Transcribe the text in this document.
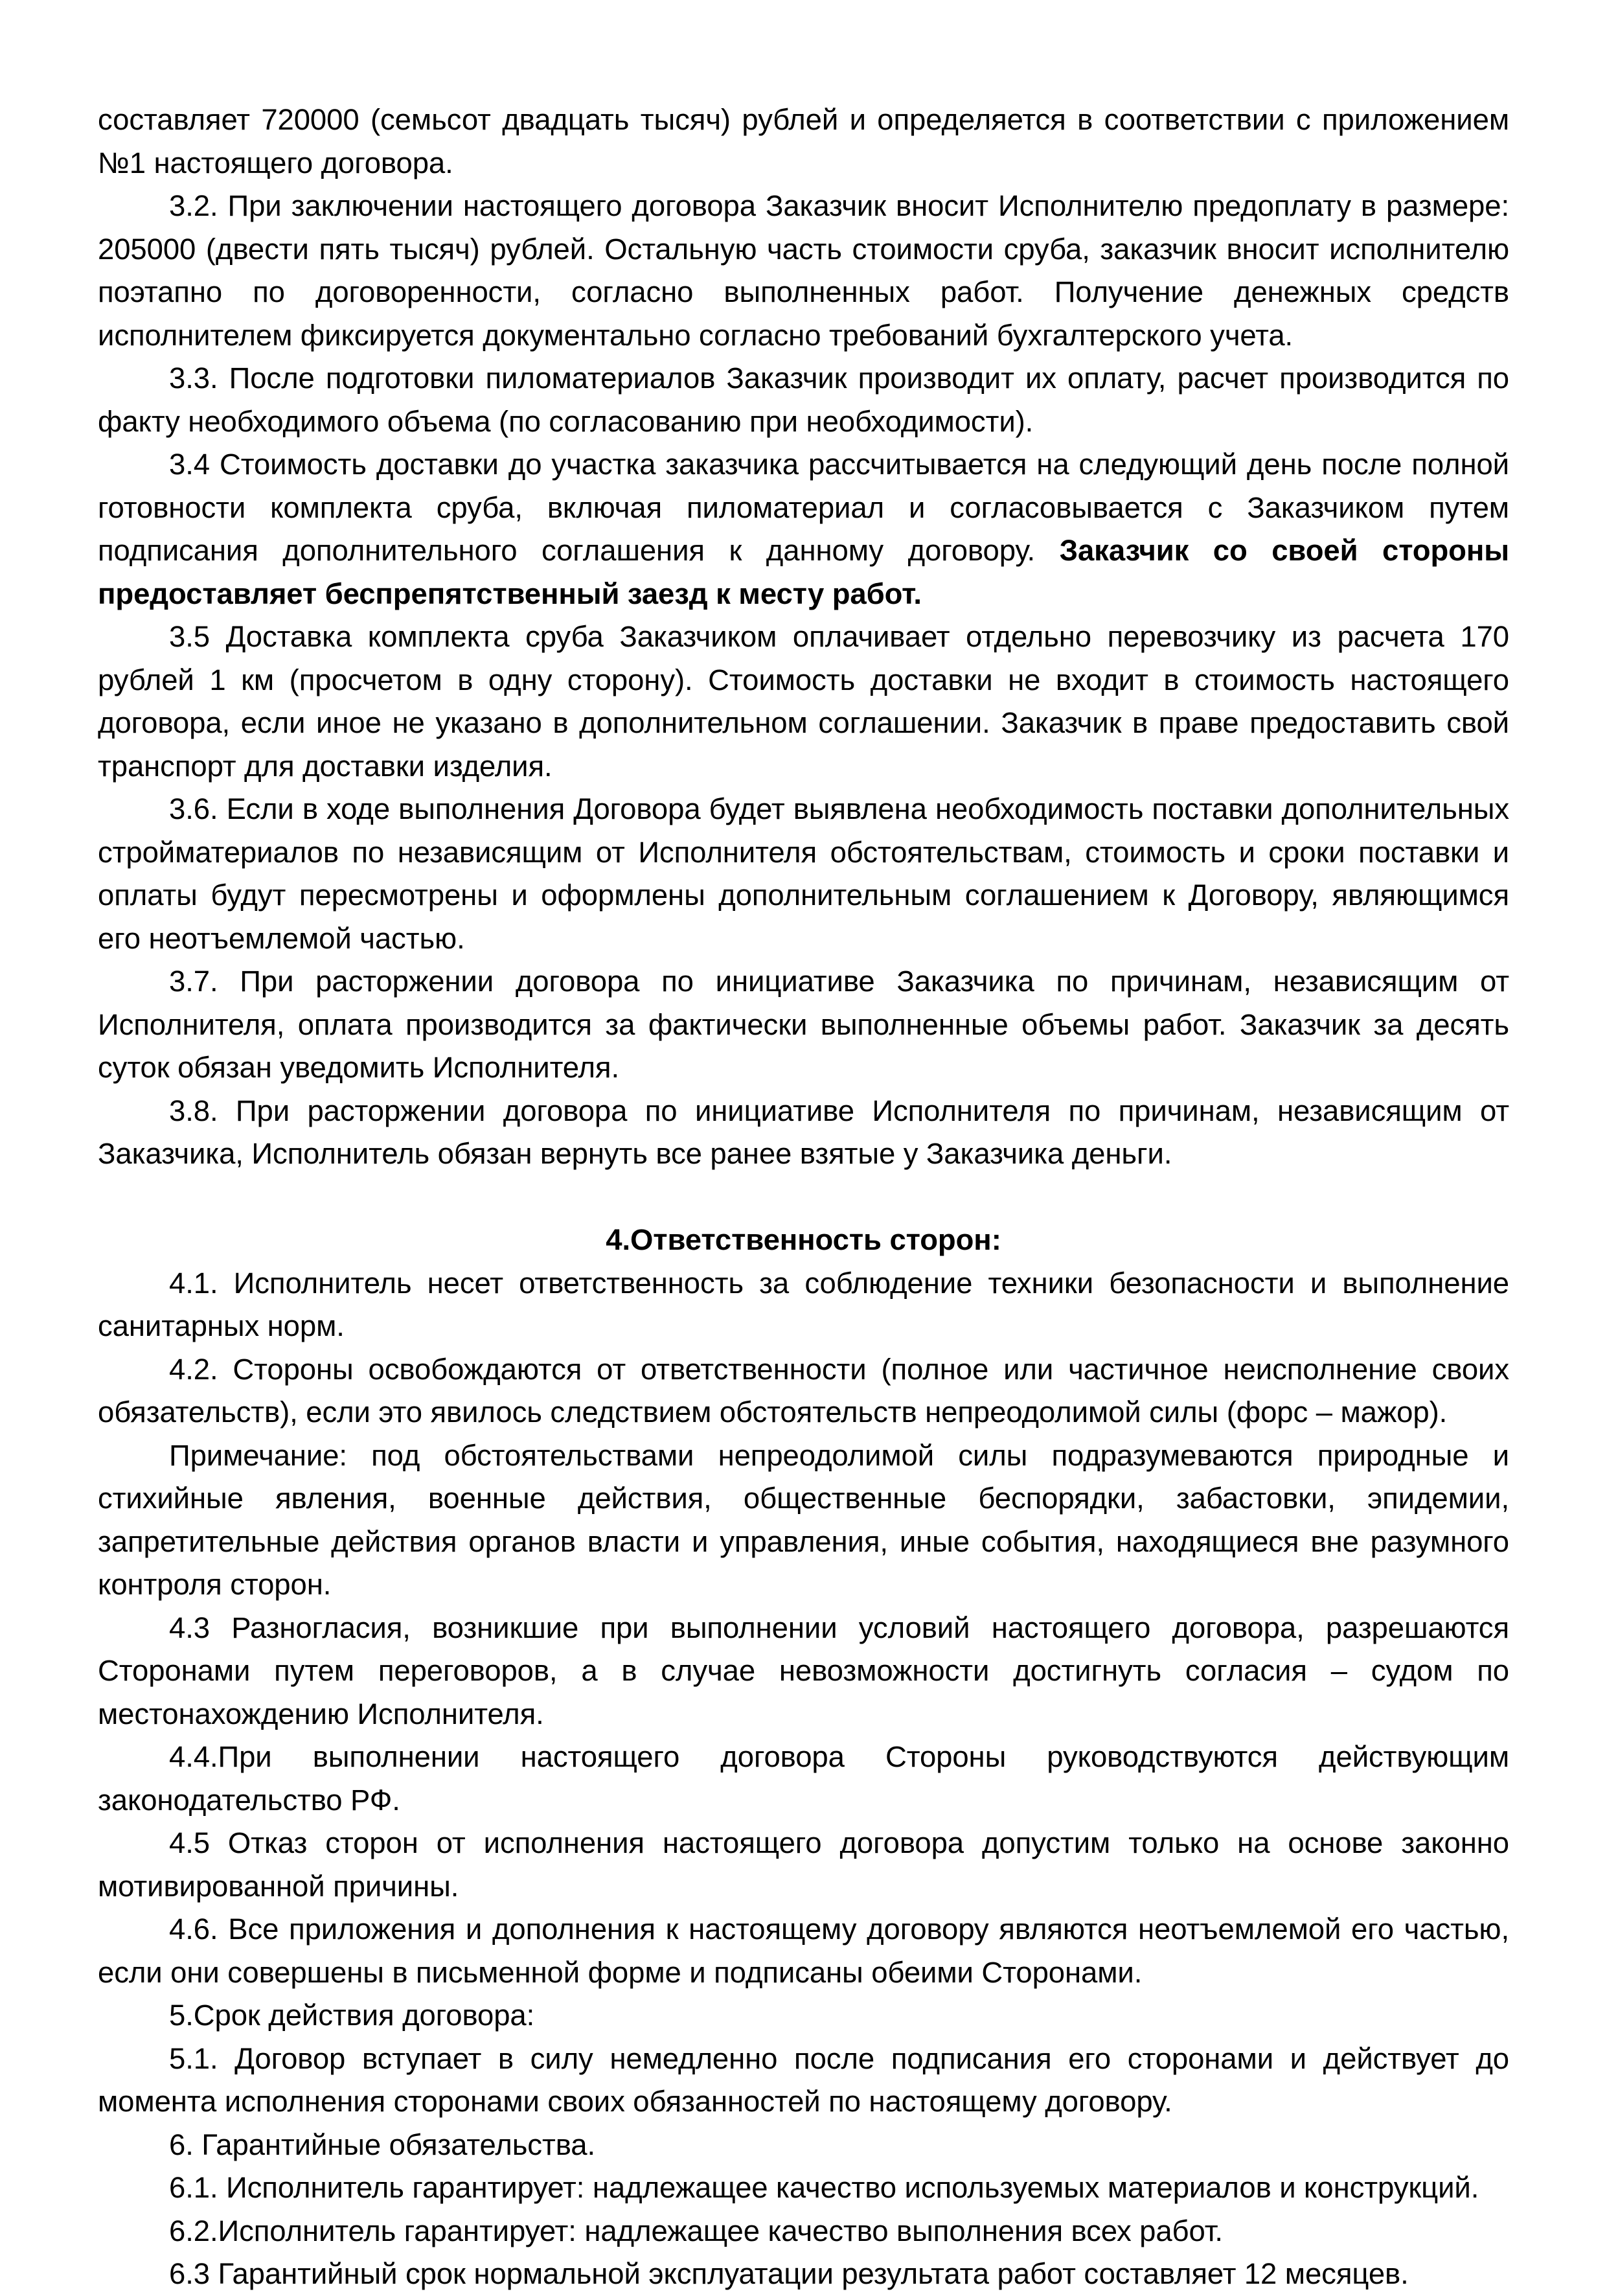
составляет 720000 (семьсот двадцать тысяч) рублей и определяется в соответствии с приложением №1 настоящего договора.

3.2. При заключении настоящего договора Заказчик вносит Исполнителю предоплату в размере: 205000 (двести пять тысяч) рублей. Остальную часть стоимости сруба, заказчик вносит исполнителю поэтапно по договоренности, согласно выполненных работ. Получение денежных средств исполнителем фиксируется документально согласно требований бухгалтерского учета.

3.3. После подготовки пиломатериалов Заказчик производит их оплату, расчет производится по факту необходимого объема (по согласованию при необходимости).

3.4 Стоимость доставки до участка заказчика рассчитывается на следующий день после полной готовности комплекта сруба, включая пиломатериал и согласовывается с Заказчиком путем подписания дополнительного соглашения к данному договору. Заказчик со своей стороны предоставляет беспрепятственный заезд к месту работ.

3.5 Доставка комплекта сруба Заказчиком оплачивает отдельно перевозчику из расчета 170 рублей 1 км (просчетом в одну сторону). Стоимость доставки не входит в стоимость настоящего договора, если иное не указано в дополнительном соглашении. Заказчик в праве предоставить свой транспорт для доставки изделия.

3.6. Если в ходе выполнения Договора будет выявлена необходимость поставки дополнительных стройматериалов по независящим от Исполнителя обстоятельствам, стоимость и сроки поставки и оплаты будут пересмотрены и оформлены дополнительным соглашением к Договору, являющимся его неотъемлемой частью.

3.7. При расторжении договора по инициативе Заказчика по причинам, независящим от Исполнителя, оплата производится за фактически выполненные объемы работ. Заказчик за десять суток обязан уведомить Исполнителя.

3.8. При расторжении договора по инициативе Исполнителя по причинам, независящим от Заказчика, Исполнитель обязан вернуть все ранее взятые у Заказчика деньги.

4.Ответственность сторон:

4.1. Исполнитель несет ответственность за соблюдение техники безопасности и выполнение санитарных норм.

4.2. Стороны освобождаются от ответственности (полное или частичное неисполнение своих обязательств), если это явилось следствием обстоятельств непреодолимой силы (форс – мажор).

Примечание: под обстоятельствами непреодолимой силы подразумеваются природные и стихийные явления, военные действия, общественные беспорядки, забастовки, эпидемии, запретительные действия органов власти и управления, иные события, находящиеся вне разумного контроля сторон.

4.3 Разногласия, возникшие при выполнении условий настоящего договора, разрешаются Сторонами путем переговоров, а в случае невозможности достигнуть согласия – судом по местонахождению Исполнителя.

4.4.При выполнении настоящего договора Стороны руководствуются действующим законодательство РФ.

4.5 Отказ сторон от исполнения настоящего договора допустим только на основе законно мотивированной причины.

4.6. Все приложения и дополнения к настоящему договору являются неотъемлемой его частью, если они совершены в письменной форме и подписаны обеими Сторонами.

5.Срок действия договора:

5.1. Договор вступает в силу немедленно после подписания его сторонами и действует до момента исполнения сторонами своих обязанностей по настоящему договору.

6. Гарантийные обязательства.

6.1. Исполнитель гарантирует: надлежащее качество используемых материалов и конструкций.

6.2.Исполнитель гарантирует: надлежащее качество выполнения всех работ.

6.3 Гарантийный срок нормальной эксплуатации результата работ составляет 12 месяцев.
